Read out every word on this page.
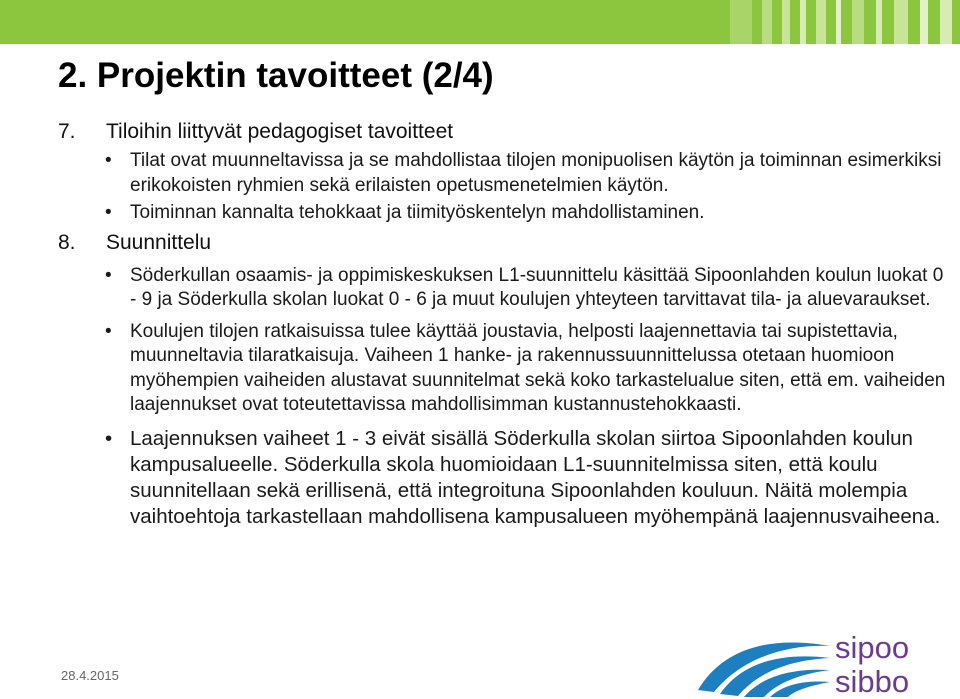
2. Projektin tavoitteet (2/4)
7. Tiloihin liittyvät pedagogiset tavoitteet
• Tilat ovat muunneltavissa ja se mahdollistaa tilojen monipuolisen käytön ja toiminnan esimerkiksi erikokoisten ryhmien sekä erilaisten opetusmenetelmien käytön.
• Toiminnan kannalta tehokkaat ja tiimityöskentelyn mahdollistaminen.
8. Suunnittelu
• Söderkullan osaamis- ja oppimiskeskuksen L1-suunnittelu käsittää Sipoonlahden koulun luokat 0 - 9 ja Söderkulla skolan luokat 0 - 6 ja muut koulujen yhteyteen tarvittavat tila- ja aluevaraukset.
• Koulujen tilojen ratkaisuissa tulee käyttää joustavia, helposti laajennettavia tai supistettavia, muunneltavia tilaratkaisuja. Vaiheen 1 hanke- ja rakennussuunnittelussa otetaan huomioon myöhempien vaiheiden alustavat suunnitelmat sekä koko tarkastelualue siten, että em. vaiheiden laajennukset ovat toteutettavissa mahdollisimman kustannustehokkaasti.
• Laajennuksen vaiheet 1 - 3 eivät sisällä Söderkulla skolan siirtoa Sipoonlahden koulun kampusalueelle. Söderkulla skola huomioidaan L1-suunnitelmissa siten, että koulu suunnitellaan sekä erillisenä, että integroituna Sipoonlahden kouluun. Näitä molempia vaihtoehtoja tarkastellaan mahdollisena kampusalueen myöhempänä laajennusvaiheena.
28.4.2015
sipoo
sibbo
